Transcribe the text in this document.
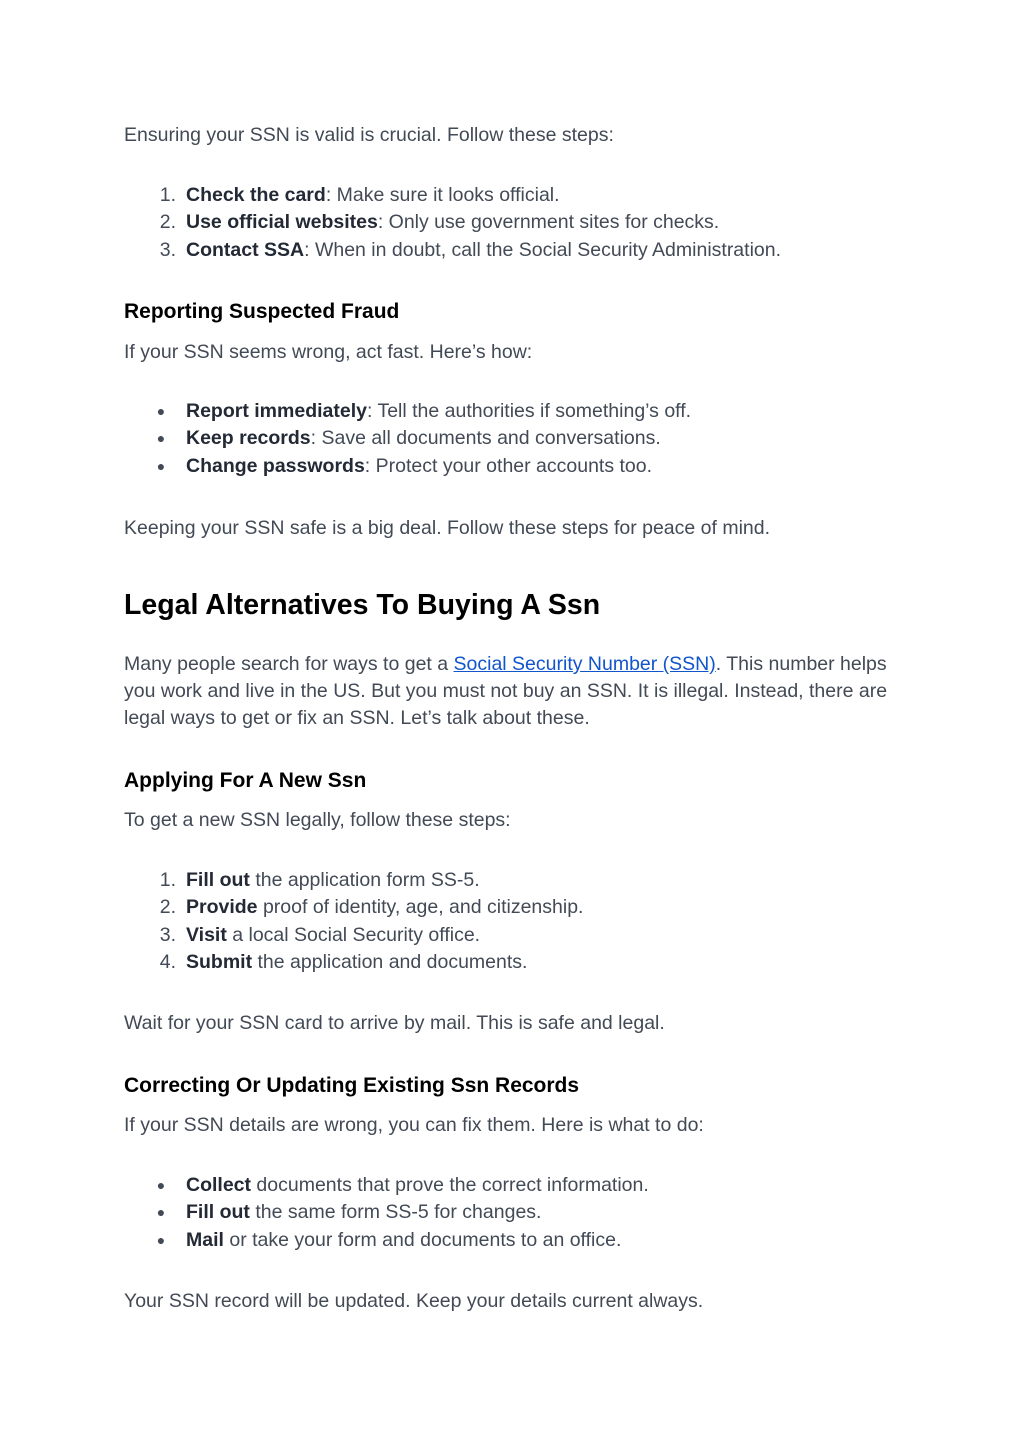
Ensuring your SSN is valid is crucial. Follow these steps:

1. Check the card: Make sure it looks official.
2. Use official websites: Only use government sites for checks.
3. Contact SSA: When in doubt, call the Social Security Administration.
Reporting Suspected Fraud

If your SSN seems wrong, act fast. Here’s how:

● Report immediately: Tell the authorities if something’s off.
● Keep records: Save all documents and conversations.
● Change passwords: Protect your other accounts too.

Keeping your SSN safe is a big deal. Follow these steps for peace of mind.

Legal Alternatives To Buying A Ssn

Many people search for ways to get a Social Security Number (SSN). This number helps you work and live in the US. But you must not buy an SSN. It is illegal. Instead, there are legal ways to get or fix an SSN. Let’s talk about these.

Applying For A New Ssn

To get a new SSN legally, follow these steps:

1. Fill out the application form SS-5.
2. Provide proof of identity, age, and citizenship.
3. Visit a local Social Security office.
4. Submit the application and documents.

Wait for your SSN card to arrive by mail. This is safe and legal.

Correcting Or Updating Existing Ssn Records

If your SSN details are wrong, you can fix them. Here is what to do:

● Collect documents that prove the correct information.
● Fill out the same form SS-5 for changes.
● Mail or take your form and documents to an office.

Your SSN record will be updated. Keep your details current always.
